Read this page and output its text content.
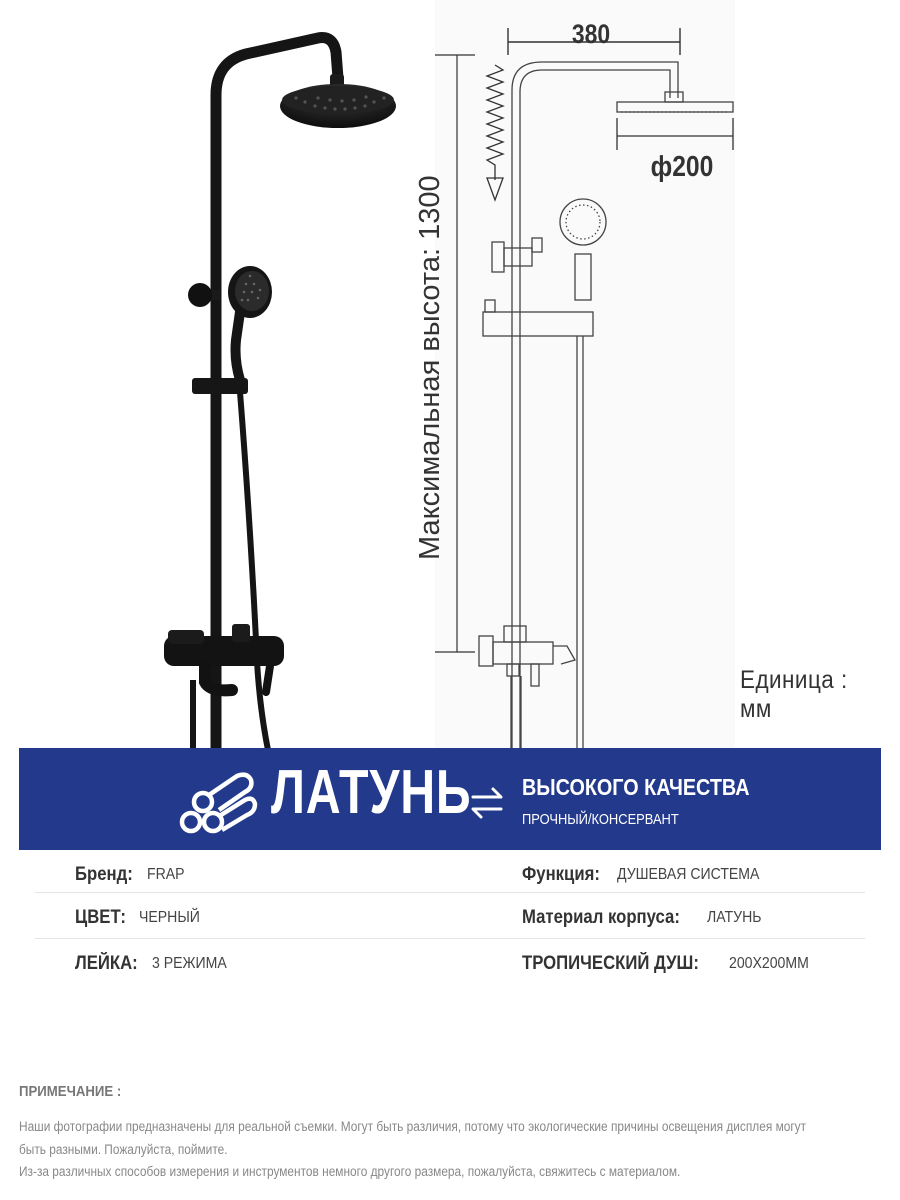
380
Максимальная высота: 1300
ф200
Единица : мм
ЛАТУНЬ ВЫСОКОГО КАЧЕСТВА
ПРОЧНЫЙ/КОНСЕРВАНТ
Бренд: FRAP	Функция: ДУШЕВАЯ СИСТЕМА
ЦВЕТ: ЧЕРНЫЙ	Материал корпуса: ЛАТУНЬ
ЛЕЙКА: 3 РЕЖИМА	ТРОПИЧЕСКИЙ ДУШ: 200X200MM
ПРИМЕЧАНИЕ :
Наши фотографии предназначены для реальной съемки. Могут быть различия, потому что экологические причины освещения дисплея могут
быть разными. Пожалуйста, поймите.
Из-за различных способов измерения и инструментов немного другого размера, пожалуйста, свяжитесь с материалом.
